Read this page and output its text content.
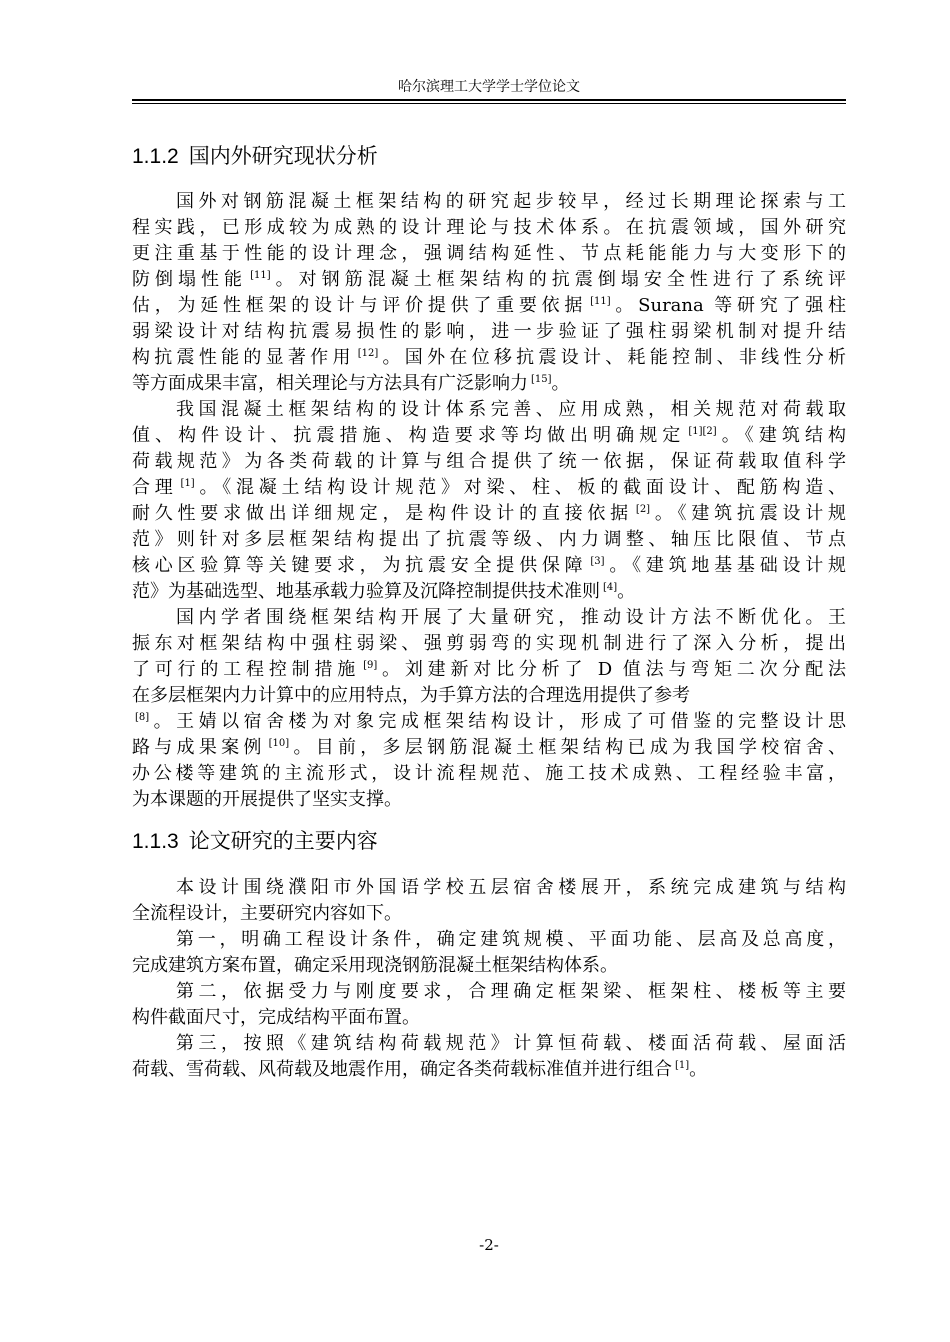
哈尔滨理工大学学士学位论文
1.1.2 国内外研究现状分析
国外对钢筋混凝土框架结构的研究起步较早，经过长期理论探索与工
程实践，已形成较为成熟的设计理论与技术体系。在抗震领域，国外研究
更注重基于性能的设计理念，强调结构延性、节点耗能能力与大变形下的
防倒塌性能 [11]。对钢筋混凝土框架结构的抗震倒塌安全性进行了系统评
估，为延性框架的设计与评价提供了重要依据 [11]。Surana 等研究了强柱
弱梁设计对结构抗震易损性的影响，进一步验证了强柱弱梁机制对提升结
构抗震性能的显著作用 [12]。国外在位移抗震设计、耗能控制、非线性分析
等方面成果丰富，相关理论与方法具有广泛影响力 [15]。
我国混凝土框架结构的设计体系完善、应用成熟，相关规范对荷载取
值、构件设计、抗震措施、构造要求等均做出明确规定 [1][2]。《建筑结构
荷载规范》为各类荷载的计算与组合提供了统一依据，保证荷载取值科学
合理 [1]。《混凝土结构设计规范》对梁、柱、板的截面设计、配筋构造、
耐久性要求做出详细规定，是构件设计的直接依据 [2]。《建筑抗震设计规
范》则针对多层框架结构提出了抗震等级、内力调整、轴压比限值、节点
核心区验算等关键要求，为抗震安全提供保障 [3]。《建筑地基基础设计规
范》为基础选型、地基承载力验算及沉降控制提供技术准则 [4]。
国内学者围绕框架结构开展了大量研究，推动设计方法不断优化。王
振东对框架结构中强柱弱梁、强剪弱弯的实现机制进行了深入分析，提出
了可行的工程控制措施 [9]。刘建新对比分析了 D 值法与弯矩二次分配法
在多层框架内力计算中的应用特点，为手算方法的合理选用提供了参考
[8]。王婧以宿舍楼为对象完成框架结构设计，形成了可借鉴的完整设计思
路与成果案例 [10]。目前，多层钢筋混凝土框架结构已成为我国学校宿舍、
办公楼等建筑的主流形式，设计流程规范、施工技术成熟、工程经验丰富，
为本课题的开展提供了坚实支撑。
1.1.3 论文研究的主要内容
本设计围绕濮阳市外国语学校五层宿舍楼展开，系统完成建筑与结构
全流程设计，主要研究内容如下。
第一，明确工程设计条件，确定建筑规模、平面功能、层高及总高度，
完成建筑方案布置，确定采用现浇钢筋混凝土框架结构体系。
第二，依据受力与刚度要求，合理确定框架梁、框架柱、楼板等主要
构件截面尺寸，完成结构平面布置。
第三，按照《建筑结构荷载规范》计算恒荷载、楼面活荷载、屋面活
荷载、雪荷载、风荷载及地震作用，确定各类荷载标准值并进行组合 [1]。
-2-
